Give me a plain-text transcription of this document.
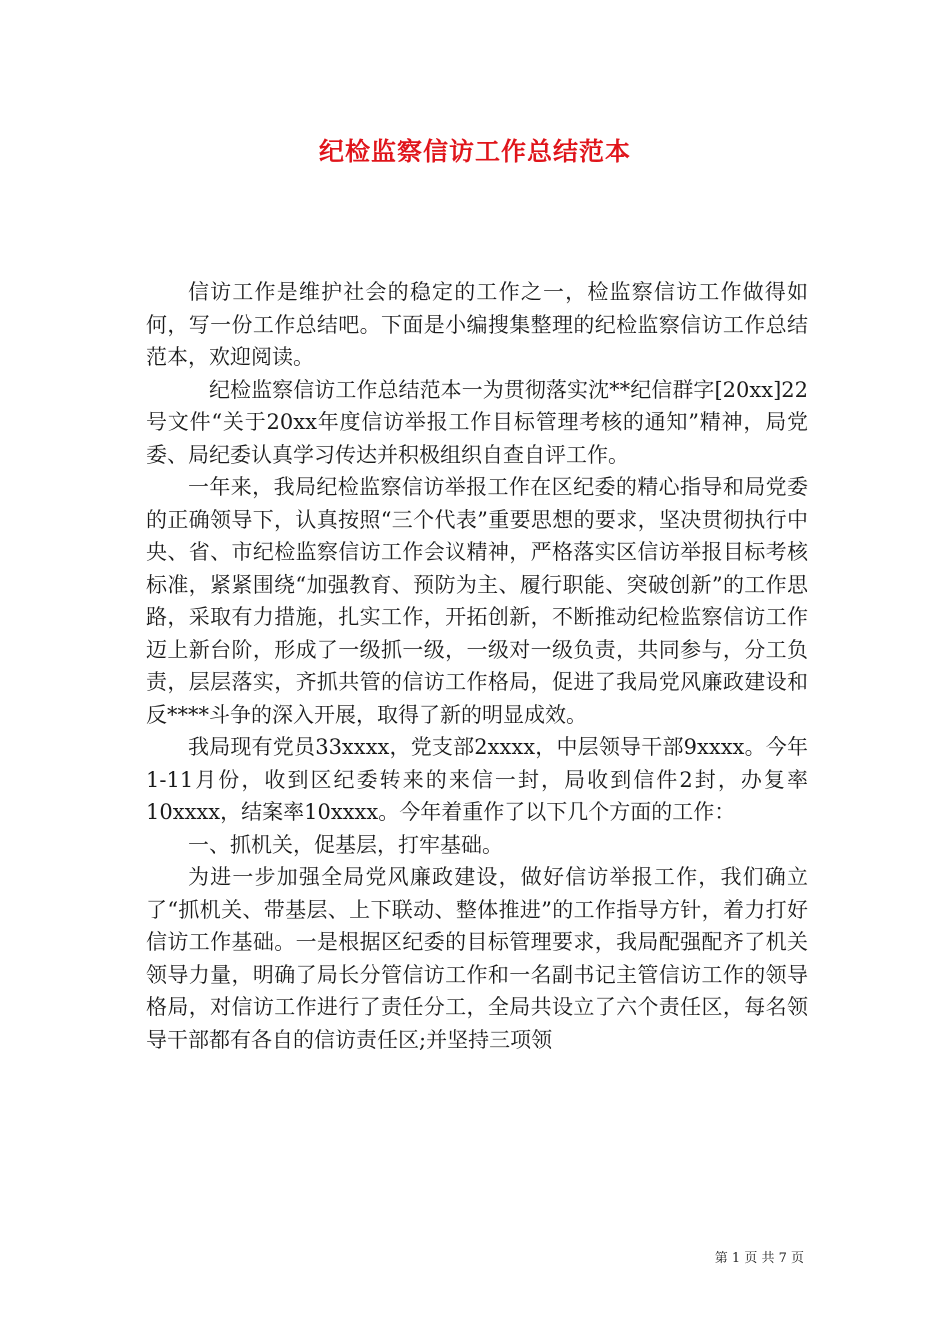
纪检监察信访工作总结范本

信访工作是维护社会的稳定的工作之一，检监察信访工作做得如何，写一份工作总结吧。下面是小编搜集整理的纪检监察信访工作总结范本，欢迎阅读。

纪检监察信访工作总结范本一为贯彻落实沈**纪信群字[20xx]22号文件“关于20xx年度信访举报工作目标管理考核的通知”精神，局党委、局纪委认真学习传达并积极组织自查自评工作。

一年来，我局纪检监察信访举报工作在区纪委的精心指导和局党委的正确领导下，认真按照“三个代表”重要思想的要求，坚决贯彻执行中央、省、市纪检监察信访工作会议精神，严格落实区信访举报目标考核标准，紧紧围绕“加强教育、预防为主、履行职能、突破创新”的工作思路，采取有力措施，扎实工作，开拓创新，不断推动纪检监察信访工作迈上新台阶，形成了一级抓一级，一级对一级负责，共同参与，分工负责，层层落实，齐抓共管的信访工作格局，促进了我局党风廉政建设和反****斗争的深入开展，取得了新的明显成效。

我局现有党员33xxxx，党支部2xxxx，中层领导干部9xxxx。今年1-11月份，收到区纪委转来的来信一封，局收到信件2封，办复率10xxxx，结案率10xxxx。今年着重作了以下几个方面的工作：

一、抓机关，促基层，打牢基础。

为进一步加强全局党风廉政建设，做好信访举报工作，我们确立了“抓机关、带基层、上下联动、整体推进”的工作指导方针，着力打好信访工作基础。一是根据区纪委的目标管理要求，我局配强配齐了机关领导力量，明确了局长分管信访工作和一名副书记主管信访工作的领导格局，对信访工作进行了责任分工，全局共设立了六个责任区，每名领导干部都有各自的信访责任区;并坚持三项领

第 1 页 共 7 页
